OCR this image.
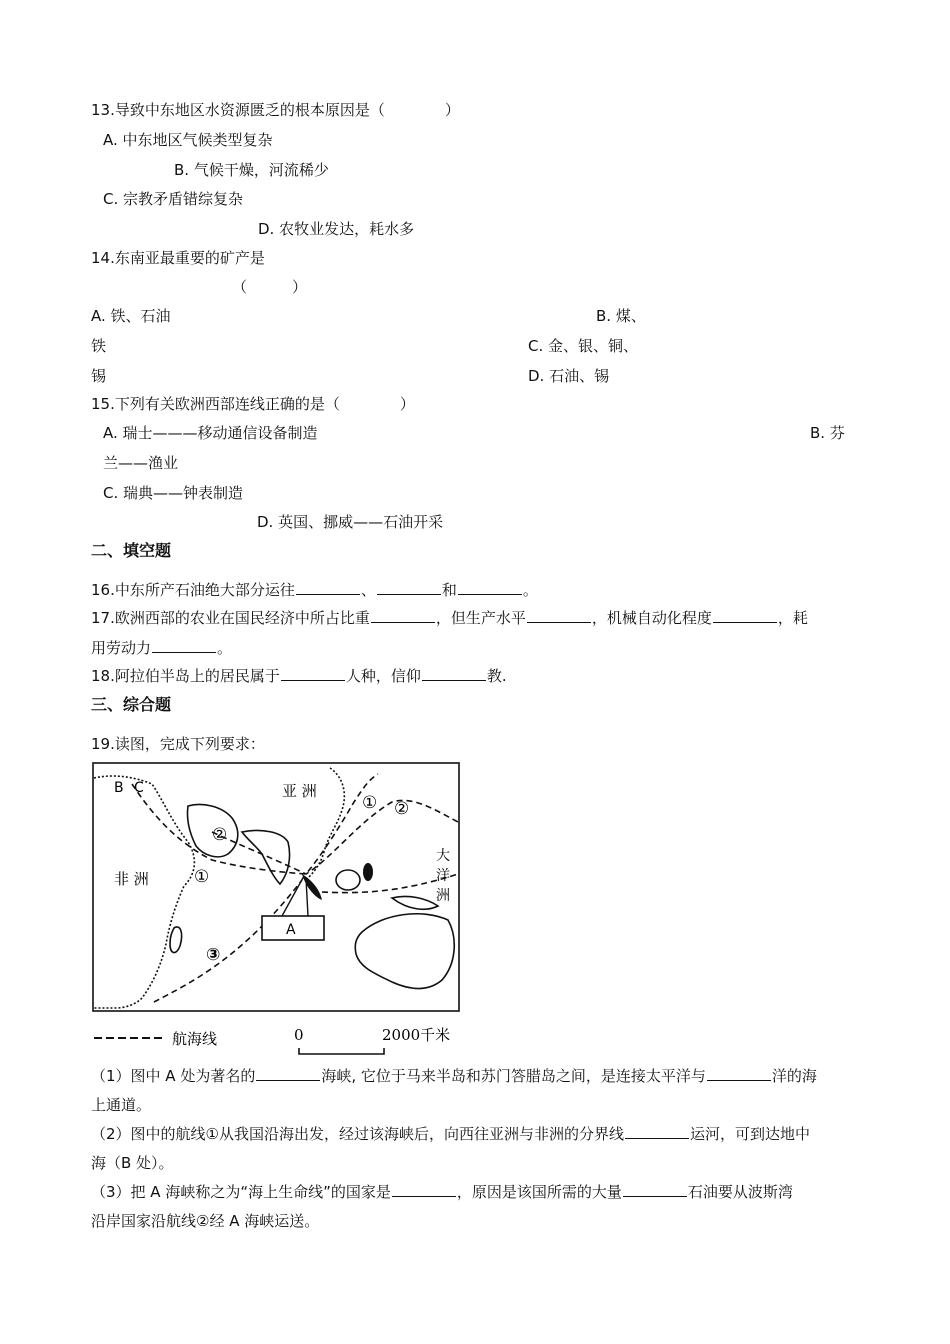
13.导致中东地区水资源匮乏的根本原因是（　　　　）
A. 中东地区气候类型复杂
B. 气候干燥，河流稀少
C. 宗教矛盾错综复杂
D. 农牧业发达，耗水多
14.东南亚最重要的矿产是
（　　　）
A. 铁、石油	B. 煤、
铁	C. 金、银、铜、
锡	D. 石油、锡
15.下列有关欧洲西部连线正确的是（　　　　）
A. 瑞士———移动通信设备制造	B. 芬
兰——渔业
C. 瑞典——钟表制造
D. 英国、挪威——石油开采
二、填空题
16.中东所产石油绝大部分运往	、	和	。
17.欧洲西部的农业在国民经济中所占比重	，但生产水平	，机械自动化程度	，耗
用劳动力	。
18.阿拉伯半岛上的居民属于	人种，信仰	教.
三、综合题
19.读图，完成下列要求：
亚 洲
非 洲
大
洋
洲
B C
A
①
①
②
②
③
航海线	0	2000千米
（1）图中 A 处为著名的	海峡, 它位于马来半岛和苏门答腊岛之间，是连接太平洋与	洋的海
上通道。
（2）图中的航线①从我国沿海出发，经过该海峡后，向西往亚洲与非洲的分界线	运河，可到达地中
海（B 处）。
（3）把 A 海峡称之为“海上生命线”的国家是	，原因是该国所需的大量	石油要从波斯湾
沿岸国家沿航线②经 A 海峡运送。
